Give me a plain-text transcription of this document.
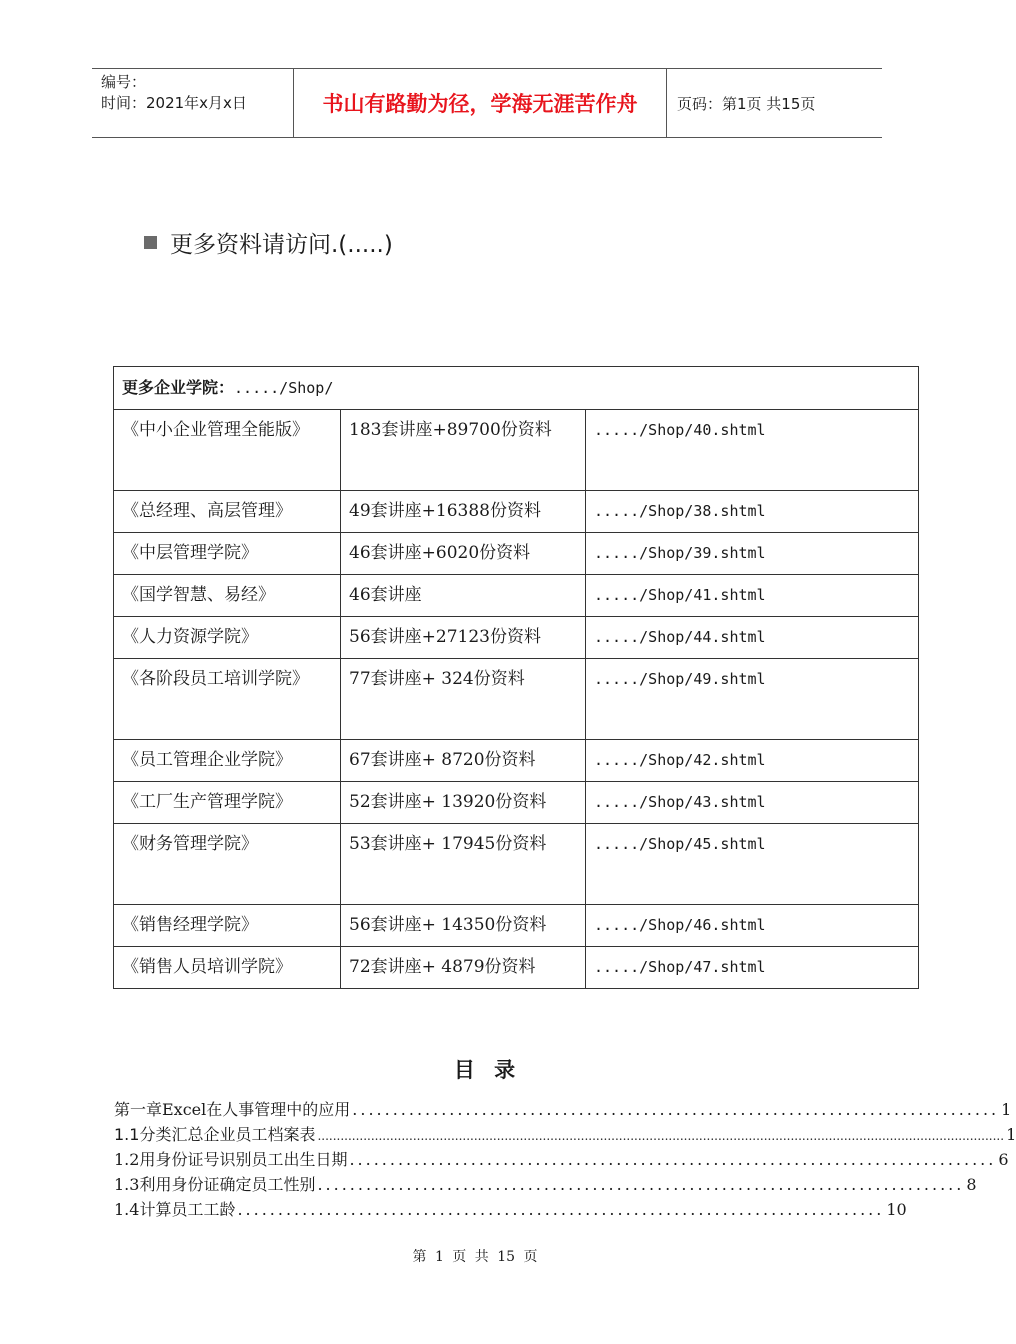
编号：
时间：2021年x月x日	书山有路勤为径，学海无涯苦作舟	页码：第1页 共15页
更多资料请访问.(.....)
更多企业学院：...../Shop/		
《中小企业管理全能版》	183套讲座+89700份资料	...../Shop/40.shtml
《总经理、高层管理》	49套讲座+16388份资料	...../Shop/38.shtml
《中层管理学院》	46套讲座+6020份资料	...../Shop/39.shtml
《国学智慧、易经》	46套讲座	...../Shop/41.shtml
《人力资源学院》	56套讲座+27123份资料	...../Shop/44.shtml
《各阶段员工培训学院》	77套讲座+ 324份资料	...../Shop/49.shtml
《员工管理企业学院》	67套讲座+ 8720份资料	...../Shop/42.shtml
《工厂生产管理学院》	52套讲座+ 13920份资料	...../Shop/43.shtml
《财务管理学院》	53套讲座+ 17945份资料	...../Shop/45.shtml
《销售经理学院》	56套讲座+ 14350份资料	...../Shop/46.shtml
《销售人员培训学院》	72套讲座+ 4879份资料	...../Shop/47.shtml
目 录
第一章Excel在人事管理中的应用 ................................................................................ 1
1.1分类汇总企业员工档案表 .................................................................................................................................................................................... 1
1.2用身份证号识别员工出生日期 ................................................................................ 6
1.3利用身份证确定员工性别 ................................................................................ 8
1.4计算员工工龄 ................................................................................ 10
第 1 页 共 15 页
